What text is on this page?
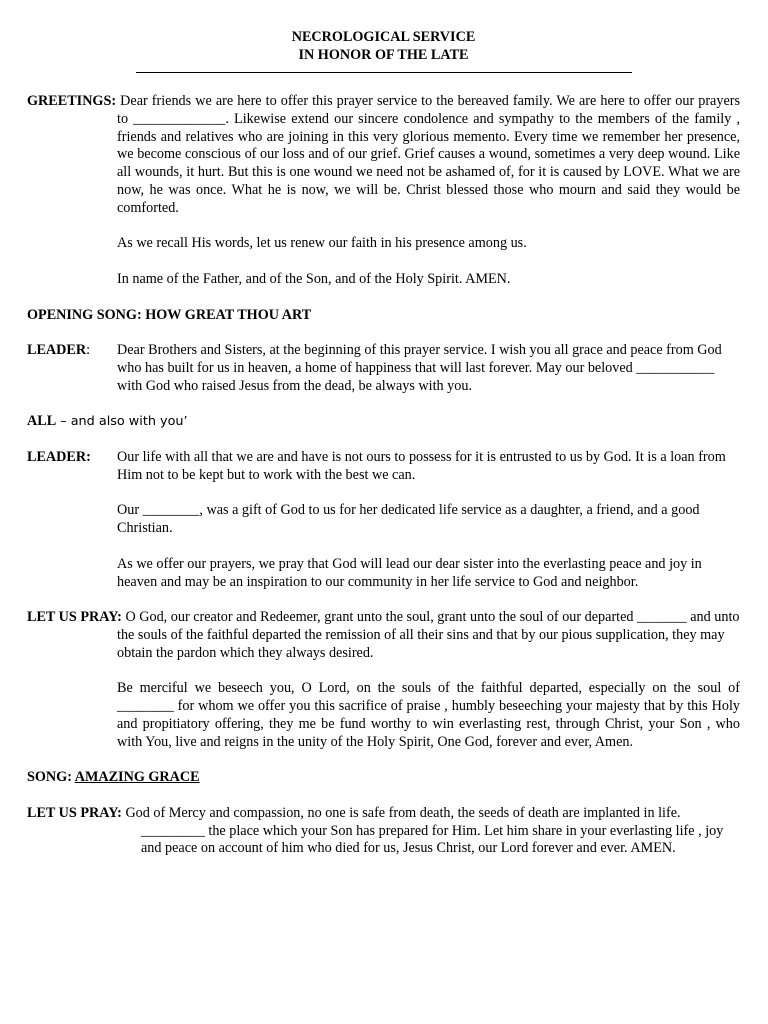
NECROLOGICAL SERVICE
IN HONOR OF THE LATE

GREETINGS: Dear friends we are here to offer this prayer service to the bereaved family. We are here to offer our prayers to _____________. Likewise extend our sincere condolence and sympathy to the members of the family , friends and relatives who are joining in this very glorious memento. Every time we remember her presence, we become conscious of our loss and of our grief. Grief causes a wound, sometimes a very deep wound. Like all wounds, it hurt. But this is one wound we need not be ashamed of, for it is caused by LOVE. What we are now, he was once. What he is now, we will be. Christ blessed those who mourn and said they would be comforted.

As we recall His words, let us renew our faith in his presence among us.

In name of the Father, and of the Son, and of the Holy Spirit. AMEN.

OPENING SONG: HOW GREAT THOU ART

LEADER:	Dear Brothers and Sisters, at the beginning of this prayer service. I wish you all grace and peace from God who has built for us in heaven, a home of happiness that will last forever. May our beloved ___________ with God who raised Jesus from the dead, be always with you.

ALL – and also with you’

LEADER:	Our life with all that we are and have is not ours to possess for it is entrusted to us by God. It is a loan from Him not to be kept but to work with the best we can.

Our ________, was a gift of God to us for her dedicated life service as a daughter, a friend, and a good Christian.

As we offer our prayers, we pray that God will lead our dear sister into the everlasting peace and joy in heaven and may be an inspiration to our community in her life service to God and neighbor.

LET US PRAY: O God, our creator and Redeemer, grant unto the soul, grant unto the soul of our departed _______ and unto the souls of the faithful departed the remission of all their sins and that by our pious supplication, they may obtain the pardon which they always desired.

Be merciful we beseech you, O Lord, on the souls of the faithful departed, especially on the soul of ________ for whom we offer you this sacrifice of praise , humbly beseeching your majesty that by this Holy and propitiatory offering, they me be fund worthy to win everlasting rest, through Christ, your Son , who with You, live and reigns in the unity of the Holy Spirit, One God, forever and ever, Amen.

SONG: AMAZING GRACE

LET US PRAY: God of Mercy and compassion, no one is safe from death, the seeds of death are implanted in life.

_________ the place which your Son has prepared for Him. Let him share in your everlasting life , joy and peace on account of him who died for us, Jesus Christ, our Lord forever and ever. AMEN.
